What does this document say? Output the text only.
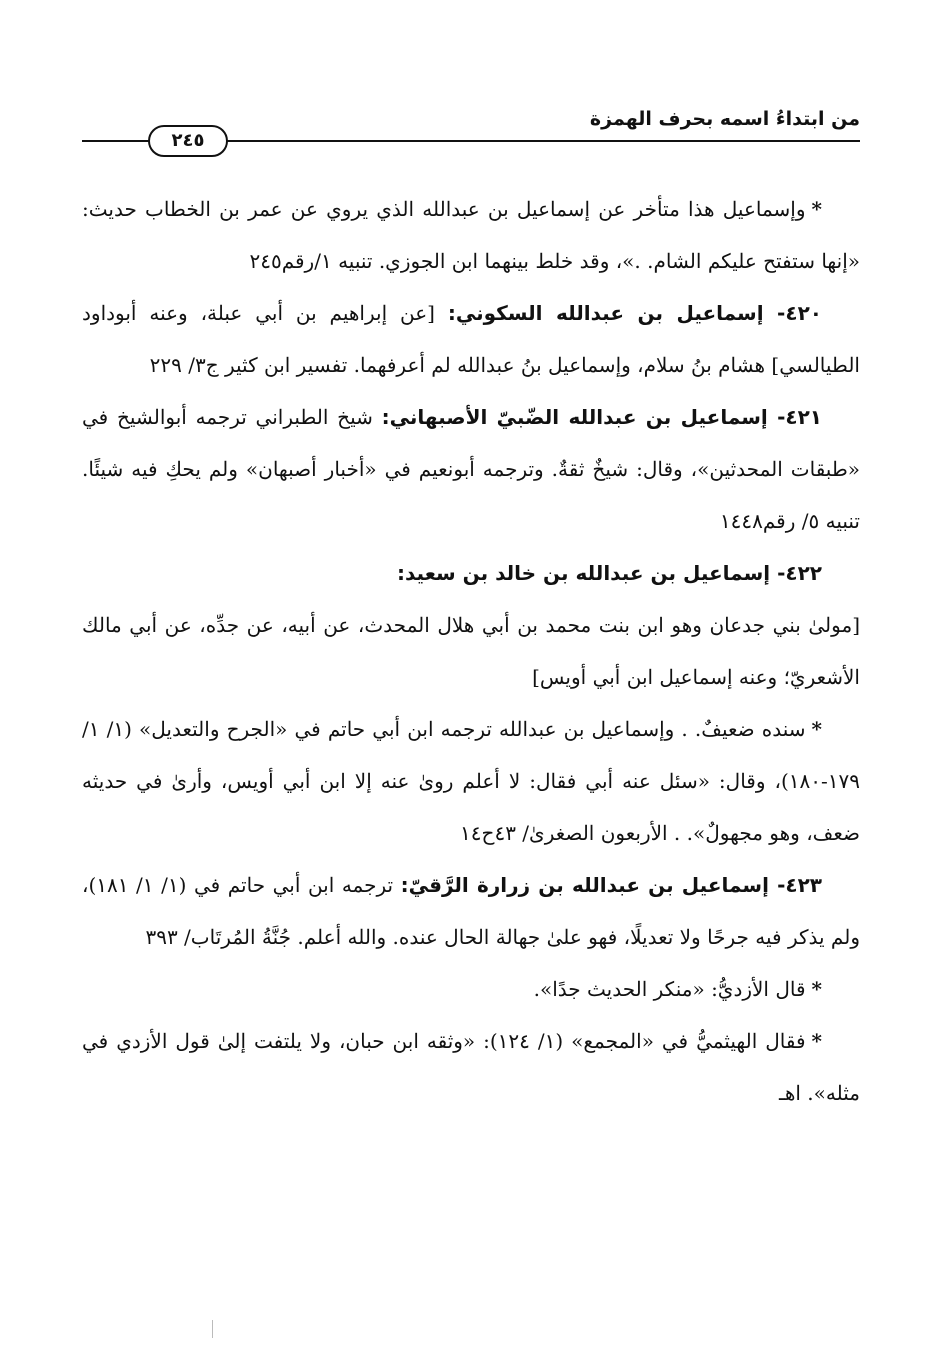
من ابتداءُ اسمه بحرف الهمزة
٢٤٥

*وإسماعيل هذا متأخر عن إسماعيل بن عبدالله الذي يروي عن عمر بن الخطاب حديث: «إنها ستفتح عليكم الشام. .»، وقد خلط بينهما ابن الجوزي. تنبيه ١/رقم٢٤٥

٤٢٠- إسماعيل بن عبدالله السكوني: [عن إبراهيم بن أبي عبلة، وعنه أبوداود الطيالسي] هشام بنُ سلام، وإسماعيل بنُ عبدالله لم أعرفهما. تفسير ابن كثير ج٣/ ٢٢٩

٤٢١- إسماعيل بن عبدالله الضّبيّ الأصبهاني: شيخ الطبراني ترجمه أبوالشيخ في «طبقات المحدثين»، وقال: شيخٌ ثقةٌ. وترجمه أبونعيم في «أخبار أصبهان» ولم يحكِ فيه شيئًا. تنبيه ٥/ رقم١٤٤٨

٤٢٢- إسماعيل بن عبدالله بن خالد بن سعيد:

[مولىٰ بني جدعان وهو ابن بنت محمد بن أبي هلال المحدث، عن أبيه، عن جدِّه، عن أبي مالك الأشعريّ؛ وعنه إسماعيل ابن أبي أويس]

*سنده ضعيفٌ. . وإسماعيل بن عبدالله ترجمه ابن أبي حاتم في «الجرح والتعديل» (١/ ١/ ١٧٩-١٨٠)، وقال: «سئل عنه أبي فقال: لا أعلم روىٰ عنه إلا ابن أبي أويس، وأرىٰ في حديثه ضعف، وهو مجهولٌ». . الأربعون الصغرىٰ/ ٤٣ح١٤

٤٢٣- إسماعيل بن عبدالله بن زرارة الرَّقيّ: ترجمه ابن أبي حاتم في (١/ ١/ ١٨١)، ولم يذكر فيه جرحًا ولا تعديلًا، فهو علىٰ جهالة الحال عنده. والله أعلم. جُنَّةُ المُرتَاب/ ٣٩٣

*قال الأزديُّ: «منكر الحديث جدًا».

*فقال الهيثميُّ في «المجمع» (١/ ١٢٤): «وثقه ابن حبان، ولا يلتفت إلىٰ قول الأزدي في مثله». اهـ
